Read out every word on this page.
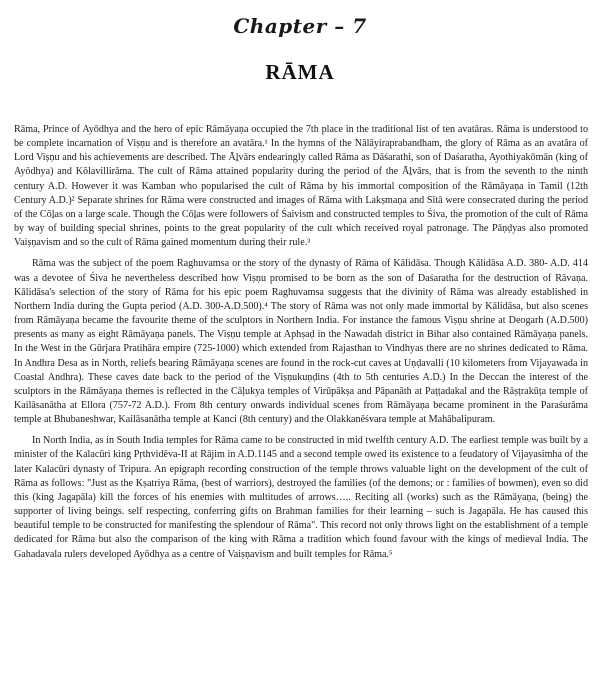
Chapter – 7
RĀMA

Rāma, Prince of Ayōdhya and the hero of epic Rāmāyaṇa occupied the 7th place in the traditional list of ten avatāras. Rāma is understood to be complete incarnation of Viṣṇu and is therefore an avatāra.¹ In the hymns of the Nālāyiraprabandham, the glory of Rāma as an avatāra of Lord Viṣṇu and his achievements are described. The Āḻvārs endearingly called Rāma as Dāśarathi, son of Daśaratha, Ayothiyakōmān (king of Ayōdhya) and Kōlavillirāma. The cult of Rāma attained popularity during the period of the Āḻvārs, that is from the seventh to the ninth century A.D. However it was Kamban who popularised the cult of Rāma by his immortal composition of the Rāmāyaṇa in Tamil (12th Century A.D.)² Separate shrines for Rāma were constructed and images of Rāma with Lakṣmaṇa and Sītā were consecrated during the period of the Cōḻas on a large scale. Though the Cōḻas were followers of Śaivism and constructed temples to Śiva, the promotion of the cult of Rāma by way of building special shrines, points to the great popularity of the cult which received royal patronage. The Pāṇḍyas also promoted Vaiṣṇavism and so the cult of Rāma gained momentum during their rule.³

Rāma was the subject of the poem Raghuvamsa or the story of the dynasty of Rāma of Kālidāsa. Though Kālidāsa A.D. 380- A.D. 414 was a devotee of Śiva he nevertheless described how Viṣṇu promised to be born as the son of Daśaratha for the destruction of Rāvaṇa. Kālidāsa's selection of the story of Rāma for his epic poem Raghuvamsa suggests that the divinity of Rāma was already established in Northern India during the Gupta period (A.D. 300-A.D.500).⁴ The story of Rāma was not only made immortal by Kālidāsa, but also scenes from Rāmāyaṇa became the favourite theme of the sculptors in Northern India. For instance the famous Viṣṇu shrine at Deogarh (A.D.500) presents as many as eight Rāmāyaṇa panels. The Viṣṇu temple at Aphṣaḍ in the Nawadah district in Bihar also contained Rāmāyaṇa panels. In the West in the Gūrjara Pratihāra empire (725-1000) which extended from Rajasthan to Vindhyas there are no shrines dedicated to Rāma. In Andhra Desa as in North, reliefs bearing Rāmāyaṇa scenes are found in the rock-cut caves at Uṇḍavalli (10 kilometers from Vijayawada in Coastal Andhra). These caves date back to the period of the Viṣṇukuṇḍins (4th to 5th centuries A.D.) In the Deccan the interest of the sculptors in the Rāmāyaṇa themes is reflected in the Cāḷukya temples of Virūpākṣa and Pāpanāth at Paṭṭadakal and the Rāṣṭrakūṭa temple of Kailāsanātha at Ellora (757-72 A.D.). From 8th century onwards individual scenes from Rāmāyaṇa became prominent in the Paraśurāma temple at Bhubaneshwar, Kailāsanātha temple at Kanci (8th century) and the Olakkanēśvara temple at Mahābalipuram.

In North India, as in South India temples for Rāma came to be constructed in mid twelfth century A.D. The earliest temple was built by a minister of the Kalacūri king Pṛthvidēva-II at Rājim in A.D.1145 and a second temple owed its existence to a feudatory of Vijayasimha of the later Kalacūri dynasty of Tripura. An epigraph recording construction of the temple throws valuable light on the development of the cult of Rāma as follows: "Just as the Kṣatriya Rāma, (best of warriors), destroyed the families (of the demons; or : families of bowmen), even so did this (king Jagapāla) kill the forces of his enemies with multitudes of arrows….. Reciting all (works) such as the Rāmāyaṇa, (being) the supporter of living beings. self respecting, conferring gifts on Brahman families for their learning – such is Jagapāla. He has caused this beautiful temple to be constructed for manifesting the splendour of Rāma". This record not only throws light on the establishment of a temple dedicated for Rāma but also the comparison of the king with Rāma a tradition which found favour with the kings of medieval India. The Gahadavala rulers developed Ayōdhya as a centre of Vaiṣṇavism and built temples for Rāma.⁵
